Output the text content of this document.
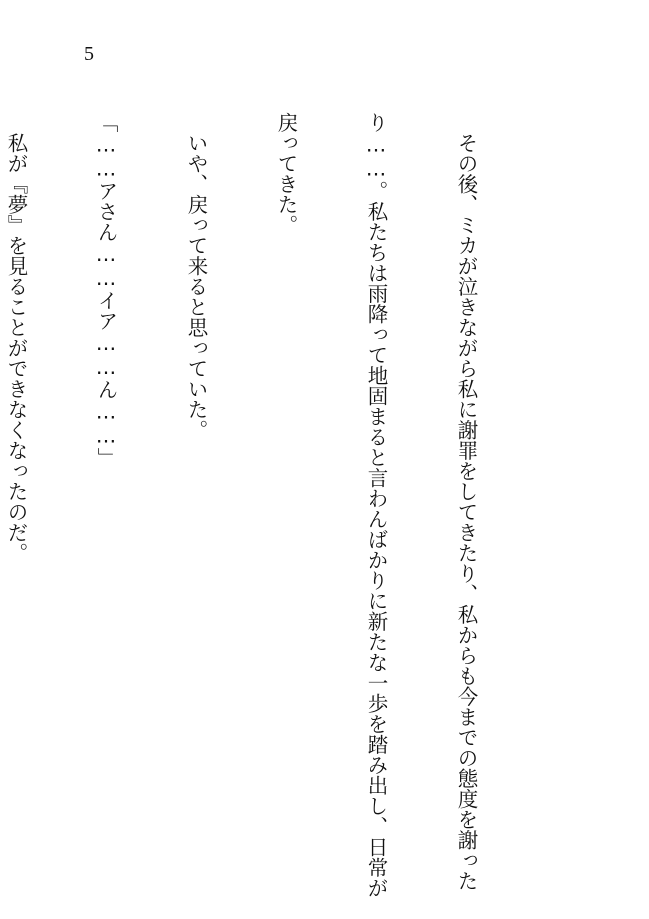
5

　その後、ミカが泣きながら私に謝罪をしてきたり、私からも今までの態度を謝った

り……。私たちは雨降って地固まると言わんばかりに新たな一歩を踏み出し、日常が

戻ってきた。

　いや、戻って来ると思っていた。

「……アさん……イア……ん……」

　私が『夢』を見ることができなくなったのだ。
